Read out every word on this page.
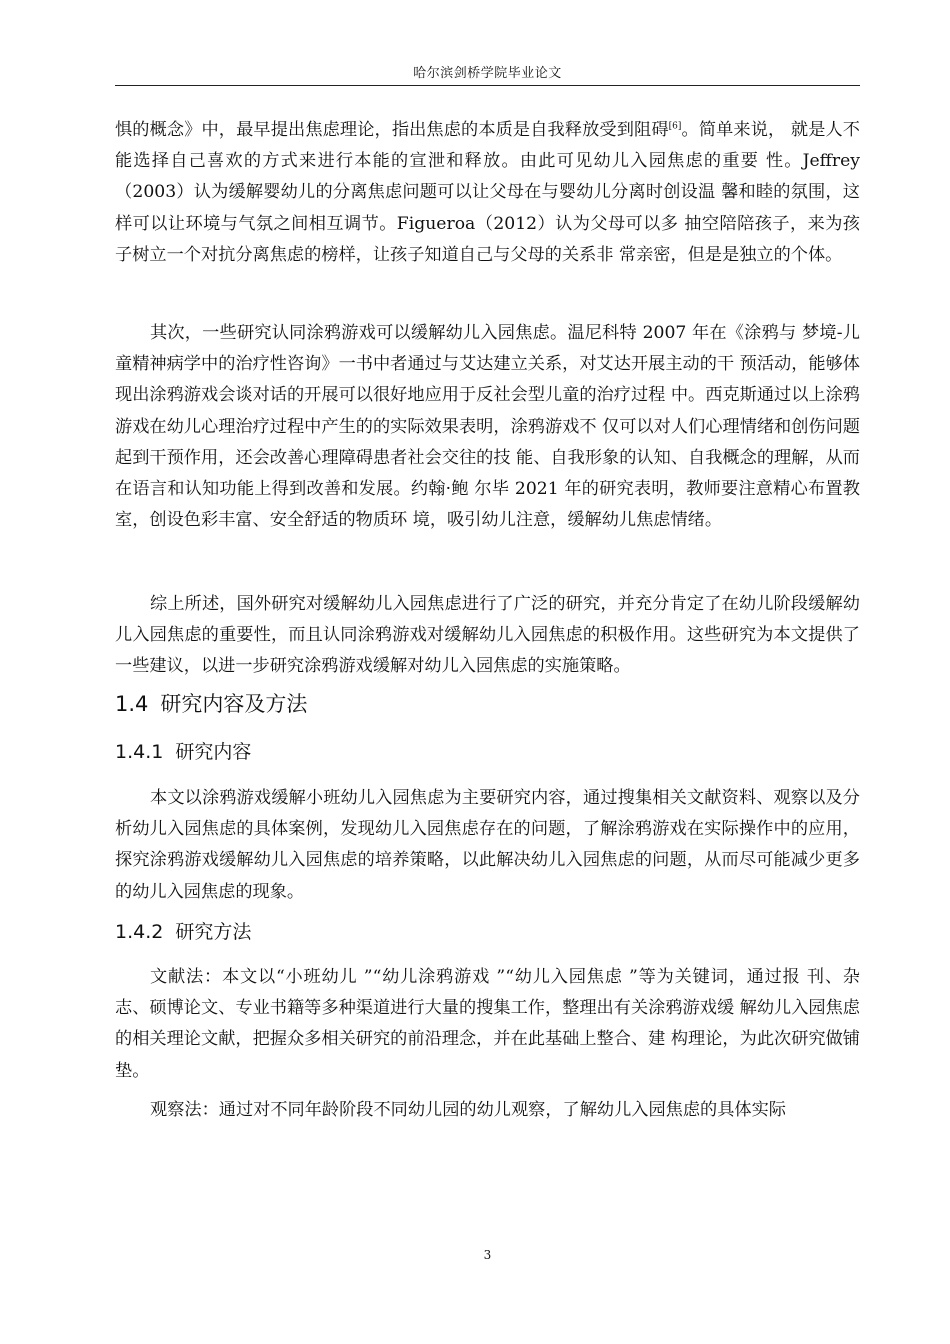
哈尔滨剑桥学院毕业论文

惧的概念》中，最早提出焦虑理论，指出焦虑的本质是自我释放受到阻碍[6]。简单来说， 就是人不能选择自己喜欢的方式来进行本能的宣泄和释放。由此可见幼儿入园焦虑的重要 性。Jeffrey（2003）认为缓解婴幼儿的分离焦虑问题可以让父母在与婴幼儿分离时创设温 馨和睦的氛围，这样可以让环境与气氛之间相互调节。Figueroa（2012）认为父母可以多 抽空陪陪孩子，来为孩子树立一个对抗分离焦虑的榜样，让孩子知道自己与父母的关系非 常亲密，但是是独立的个体。

其次，一些研究认同涂鸦游戏可以缓解幼儿入园焦虑。温尼科特 2007 年在《涂鸦与 梦境-儿童精神病学中的治疗性咨询》一书中者通过与艾达建立关系，对艾达开展主动的干 预活动，能够体现出涂鸦游戏会谈对话的开展可以很好地应用于反社会型儿童的治疗过程 中。西克斯通过以上涂鸦游戏在幼儿心理治疗过程中产生的的实际效果表明，涂鸦游戏不 仅可以对人们心理情绪和创伤问题起到干预作用，还会改善心理障碍患者社会交往的技 能、自我形象的认知、自我概念的理解，从而在语言和认知功能上得到改善和发展。约翰·鲍 尔毕 2021 年的研究表明，教师要注意精心布置教室，创设色彩丰富、安全舒适的物质环 境，吸引幼儿注意，缓解幼儿焦虑情绪。

综上所述，国外研究对缓解幼儿入园焦虑进行了广泛的研究，并充分肯定了在幼儿阶段缓解幼儿入园焦虑的重要性，而且认同涂鸦游戏对缓解幼儿入园焦虑的积极作用。这些研究为本文提供了一些建议，以进一步研究涂鸦游戏缓解对幼儿入园焦虑的实施策略。

1.4 研究内容及方法
1.4.1 研究内容

本文以涂鸦游戏缓解小班幼儿入园焦虑为主要研究内容，通过搜集相关文献资料、观察以及分析幼儿入园焦虑的具体案例，发现幼儿入园焦虑存在的问题，了解涂鸦游戏在实际操作中的应用，探究涂鸦游戏缓解幼儿入园焦虑的培养策略，以此解决幼儿入园焦虑的问题，从而尽可能减少更多的幼儿入园焦虑的现象。

1.4.2 研究方法

文献法：本文以“小班幼儿 ”“幼儿涂鸦游戏 ”“幼儿入园焦虑 ”等为关键词，通过报 刊、杂志、硕博论文、专业书籍等多种渠道进行大量的搜集工作，整理出有关涂鸦游戏缓 解幼儿入园焦虑的相关理论文献，把握众多相关研究的前沿理念，并在此基础上整合、建 构理论，为此次研究做铺垫。

观察法：通过对不同年龄阶段不同幼儿园的幼儿观察，了解幼儿入园焦虑的具体实际

3
